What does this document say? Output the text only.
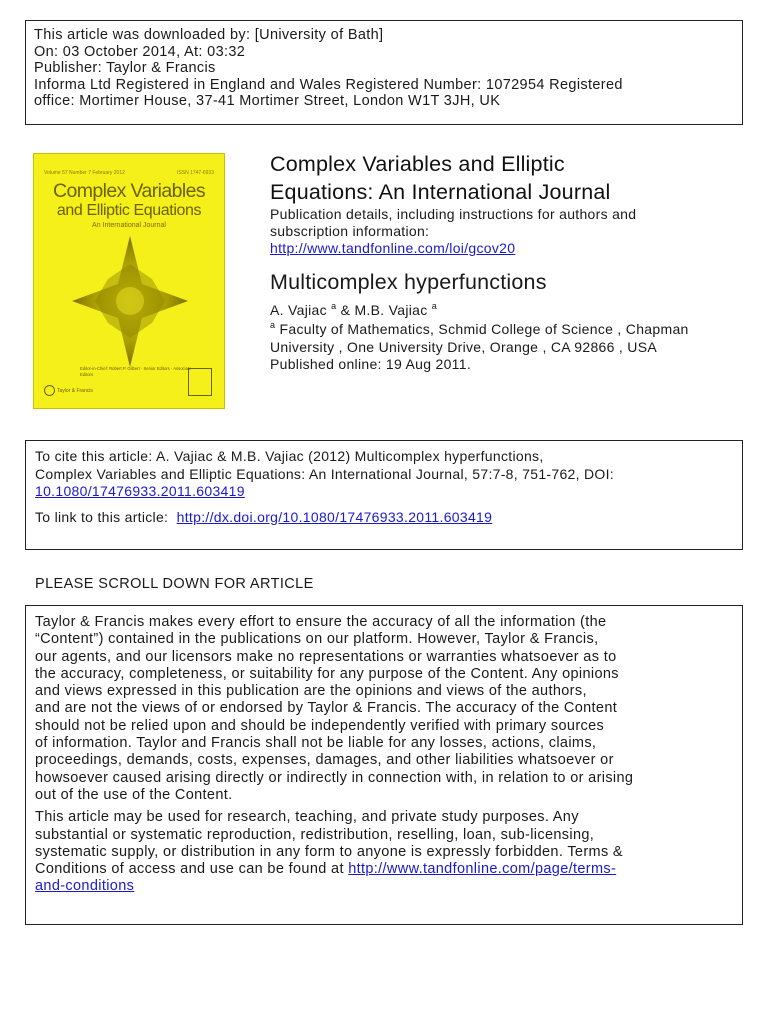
This article was downloaded by: [University of Bath]
On: 03 October 2014, At: 03:32
Publisher: Taylor & Francis
Informa Ltd Registered in England and Wales Registered Number: 1072954 Registered
office: Mortimer House, 37-41 Mortimer Street, London W1T 3JH, UK
Volume 57 Number 7 February 2012	ISSN 1747-6933
Complex Variables
and Elliptic Equations
An International Journal
Editor-in-Chief: Robert P. Gilbert · Senior Editors · Associate Editors
Taylor & Francis
Complex Variables and Elliptic
Equations: An International Journal
Publication details, including instructions for authors and
subscription information:
http://www.tandfonline.com/loi/gcov20
Multicomplex hyperfunctions
A. Vajiac $^a$ & M.B. Vajiac $^a$
$^a$ Faculty of Mathematics, Schmid College of Science , Chapman
University , One University Drive, Orange , CA 92866 , USA
Published online: 19 Aug 2011.
To cite this article: A. Vajiac & M.B. Vajiac (2012) Multicomplex hyperfunctions,
Complex Variables and Elliptic Equations: An International Journal, 57:7-8, 751-762, DOI:
10.1080/17476933.2011.603419
To link to this article: http://dx.doi.org/10.1080/17476933.2011.603419
PLEASE SCROLL DOWN FOR ARTICLE
Taylor & Francis makes every effort to ensure the accuracy of all the information (the
“Content”) contained in the publications on our platform. However, Taylor & Francis,
our agents, and our licensors make no representations or warranties whatsoever as to
the accuracy, completeness, or suitability for any purpose of the Content. Any opinions
and views expressed in this publication are the opinions and views of the authors,
and are not the views of or endorsed by Taylor & Francis. The accuracy of the Content
should not be relied upon and should be independently verified with primary sources
of information. Taylor and Francis shall not be liable for any losses, actions, claims,
proceedings, demands, costs, expenses, damages, and other liabilities whatsoever or
howsoever caused arising directly or indirectly in connection with, in relation to or arising
out of the use of the Content.
This article may be used for research, teaching, and private study purposes. Any
substantial or systematic reproduction, redistribution, reselling, loan, sub-licensing,
systematic supply, or distribution in any form to anyone is expressly forbidden. Terms &
Conditions of access and use can be found at http://www.tandfonline.com/page/terms-
and-conditions
